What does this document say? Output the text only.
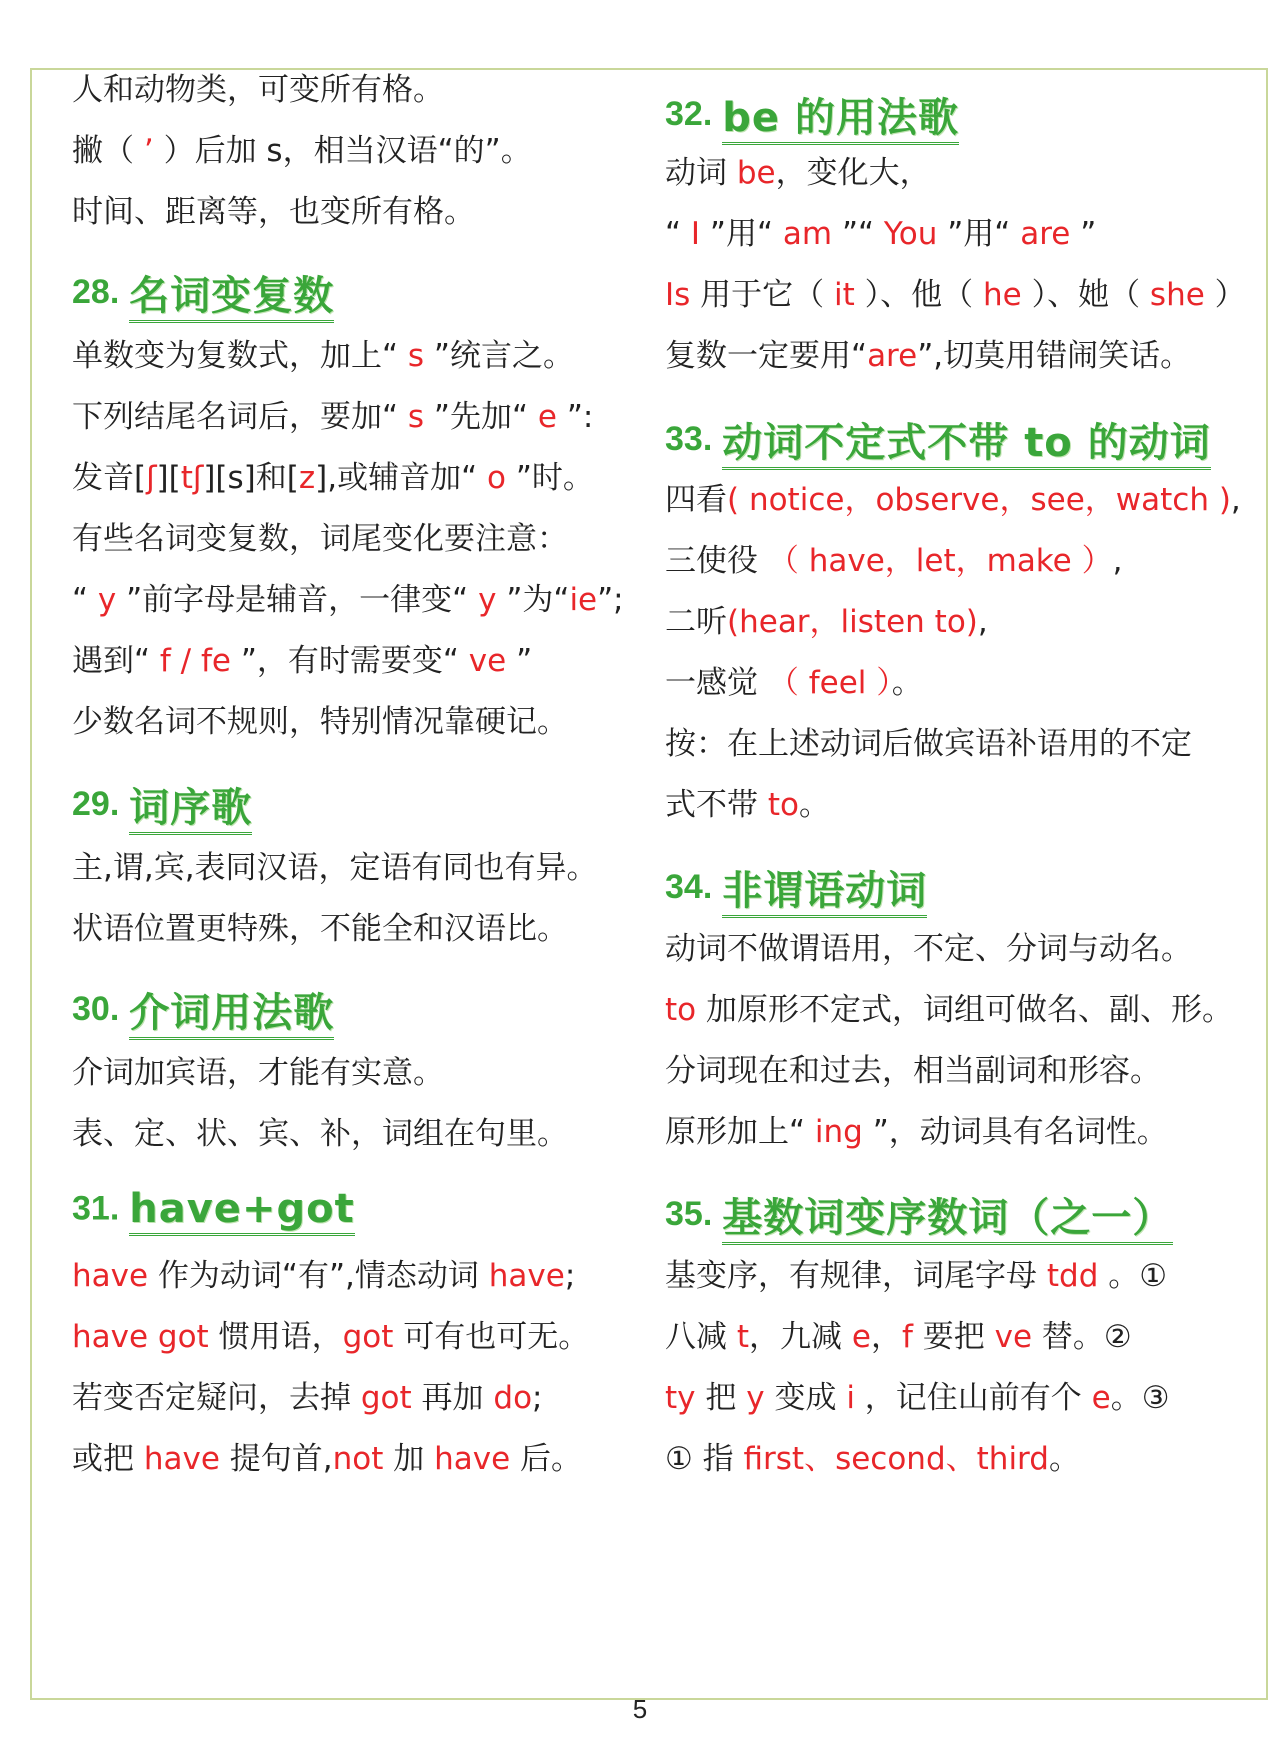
人和动物类，可变所有格。
撇（ ’ ）后加 s，相当汉语“的”。
时间、距离等，也变所有格。
28. 名词变复数
单数变为复数式，加上“ s ”统言之。
下列结尾名词后，要加“ s ”先加“ e ”:
发音[ʃ][tʃ][s]和[z],或辅音加“ o ”时。
有些名词变复数，词尾变化要注意：
“ y ”前字母是辅音，一律变“ y ”为“ie”;
遇到“ f / fe ”，有时需要变“ ve ”
少数名词不规则，特别情况靠硬记。
29. 词序歌
主,谓,宾,表同汉语，定语有同也有异。
状语位置更特殊，不能全和汉语比。
30. 介词用法歌
介词加宾语，才能有实意。
表、定、状、宾、补，词组在句里。
31. have+got
have 作为动词“有”,情态动词 have;
have got 惯用语，got 可有也可无。
若变否定疑问，去掉 got 再加 do;
或把 have 提句首,not 加 have 后。
32. be 的用法歌
动词 be，变化大，
“ I ”用“ am ”“ You ”用“ are ”
Is 用于它（ it ）、他（ he ）、她（ she ）
复数一定要用“are”,切莫用错闹笑话。
33. 动词不定式不带 to 的动词
四看( notice，observe，see，watch ),
三使役 （ have，let，make ）,
二听(hear，listen to),
一感觉 （ feel ）。
按：在上述动词后做宾语补语用的不定
式不带 to。
34. 非谓语动词
动词不做谓语用，不定、分词与动名。
to 加原形不定式，词组可做名、副、形。
分词现在和过去，相当副词和形容。
原形加上“ ing ”，动词具有名词性。
35. 基数词变序数词（之一）
基变序，有规律，词尾字母 tdd 。①
八减 t，九减 e，f 要把 ve 替。②
ty 把 y 变成 i ，记住山前有个 e。③
① 指 first、second、third。
5
